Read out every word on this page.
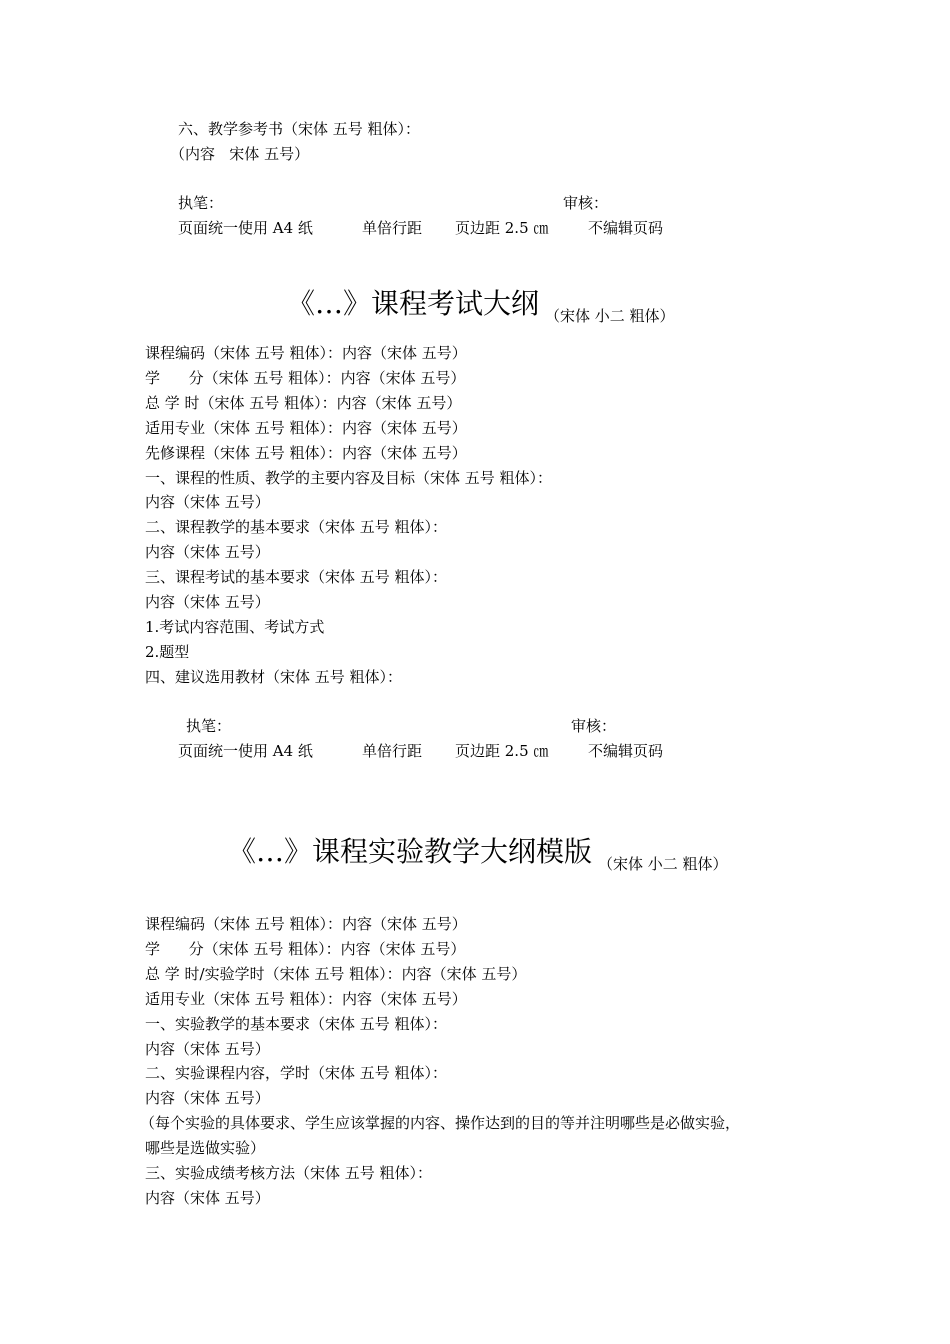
六、教学参考书（宋体 五号 粗体）：
（内容   宋体 五号）

执笔：

	审核：

页面统一使用 A4 纸

	单倍行距

页边距 2.5 ㎝

	不编辑页码

《…》课程考试大纲 （宋体 小二 粗体）
课程编码（宋体 五号 粗体）：内容（宋体 五号）
学      分（宋体 五号 粗体）：内容（宋体 五号）
总 学 时（宋体 五号 粗体）：内容（宋体 五号）
适用专业（宋体 五号 粗体）：内容（宋体 五号）
先修课程（宋体 五号 粗体）：内容（宋体 五号）
一、课程的性质、教学的主要内容及目标（宋体 五号 粗体）：
内容（宋体 五号）
二、课程教学的基本要求（宋体 五号 粗体）：
内容（宋体 五号）
三、课程考试的基本要求（宋体 五号 粗体）：
内容（宋体 五号）
1.考试内容范围、考试方式
2.题型
四、建议选用教材（宋体 五号 粗体）：

执笔：

	审核：

页面统一使用 A4 纸

	单倍行距

页边距 2.5 ㎝

	不编辑页码

《…》课程实验教学大纲模版 （宋体 小二 粗体）
课程编码（宋体 五号 粗体）：内容（宋体 五号）
学      分（宋体 五号 粗体）：内容（宋体 五号）
总 学 时/实验学时（宋体 五号 粗体）：内容（宋体 五号）
适用专业（宋体 五号 粗体）：内容（宋体 五号）
一、实验教学的基本要求（宋体 五号 粗体）：
内容（宋体 五号）
二、实验课程内容，学时（宋体 五号 粗体）：
内容（宋体 五号）
（每个实验的具体要求、学生应该掌握的内容、操作达到的目的等并注明哪些是必做实验，
哪些是选做实验）
三、实验成绩考核方法（宋体 五号 粗体）：
内容（宋体 五号）
